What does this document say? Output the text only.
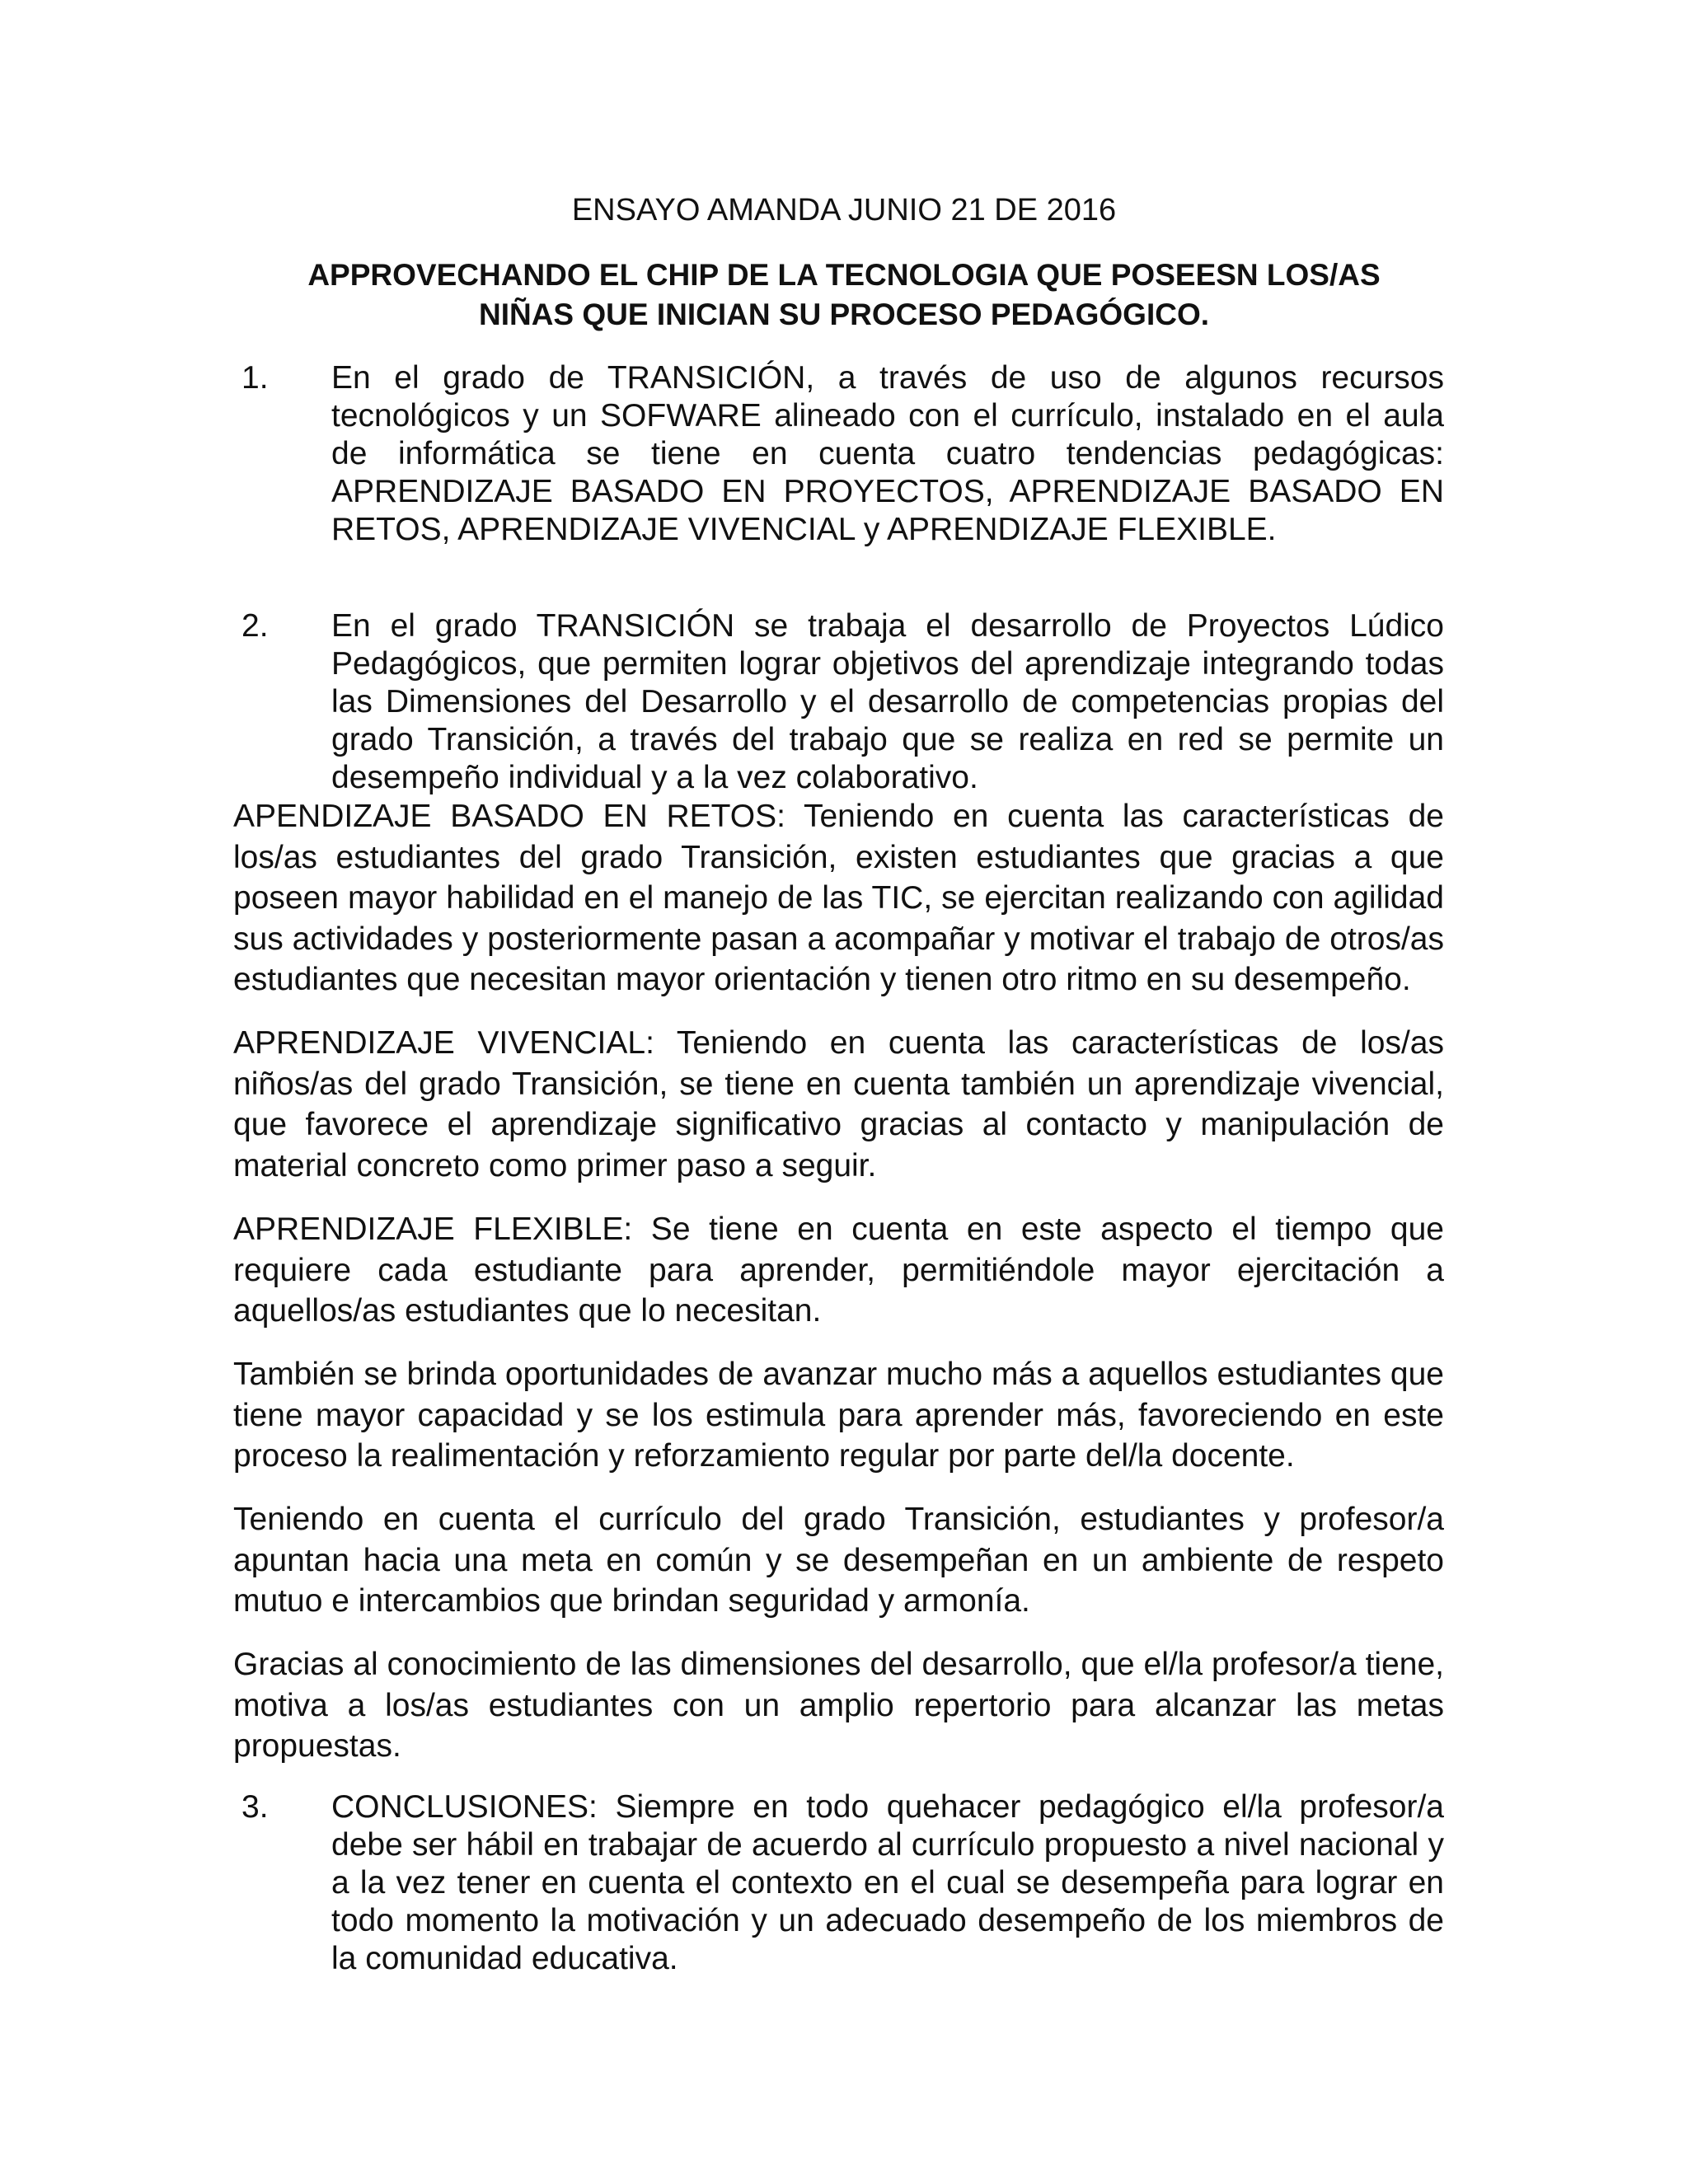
ENSAYO AMANDA JUNIO 21 DE 2016
APPROVECHANDO EL CHIP DE LA TECNOLOGIA QUE POSEESN LOS/AS
NIÑAS QUE INICIAN SU PROCESO PEDAGÓGICO.
1. En el grado de TRANSICIÓN, a través de uso de algunos recursos tecnológicos y un SOFWARE alineado con el currículo, instalado en el aula de informática se tiene en cuenta cuatro tendencias pedagógicas: APRENDIZAJE BASADO EN PROYECTOS, APRENDIZAJE BASADO EN RETOS, APRENDIZAJE VIVENCIAL y APRENDIZAJE FLEXIBLE.
2. En el grado TRANSICIÓN se trabaja el desarrollo de Proyectos Lúdico Pedagógicos, que permiten lograr objetivos del aprendizaje integrando todas las Dimensiones del Desarrollo y el desarrollo de competencias propias del grado Transición, a través del trabajo que se realiza en red se permite un desempeño individual y a la vez colaborativo.

APENDIZAJE BASADO EN RETOS: Teniendo en cuenta las características de los/as estudiantes del grado Transición, existen estudiantes que gracias a que poseen mayor habilidad en el manejo de las TIC, se ejercitan realizando con agilidad sus actividades y posteriormente pasan a acompañar y motivar el trabajo de otros/as estudiantes que necesitan mayor orientación y tienen otro ritmo en su desempeño.

APRENDIZAJE VIVENCIAL: Teniendo en cuenta las características de los/as niños/as del grado Transición, se tiene en cuenta también un aprendizaje vivencial, que favorece el aprendizaje significativo gracias al contacto y manipulación de material concreto como primer paso a seguir.

APRENDIZAJE FLEXIBLE: Se tiene en cuenta en este aspecto el tiempo que requiere cada estudiante para aprender, permitiéndole mayor ejercitación a aquellos/as estudiantes que lo necesitan.

También se brinda oportunidades de avanzar mucho más a aquellos estudiantes que tiene mayor capacidad y se los estimula para aprender más, favoreciendo en este proceso la realimentación y reforzamiento regular por parte del/la docente.

Teniendo en cuenta el currículo del grado Transición, estudiantes y profesor/a apuntan hacia una meta en común y se desempeñan en un ambiente de respeto mutuo e intercambios que brindan seguridad y armonía.

Gracias al conocimiento de las dimensiones del desarrollo, que el/la profesor/a tiene, motiva a los/as estudiantes con un amplio repertorio para alcanzar las metas propuestas.

3. CONCLUSIONES: Siempre en todo quehacer pedagógico el/la profesor/a debe ser hábil en trabajar de acuerdo al currículo propuesto a nivel nacional y a la vez tener en cuenta el contexto en el cual se desempeña para lograr en todo momento la motivación y un adecuado desempeño de los miembros de la comunidad educativa.
